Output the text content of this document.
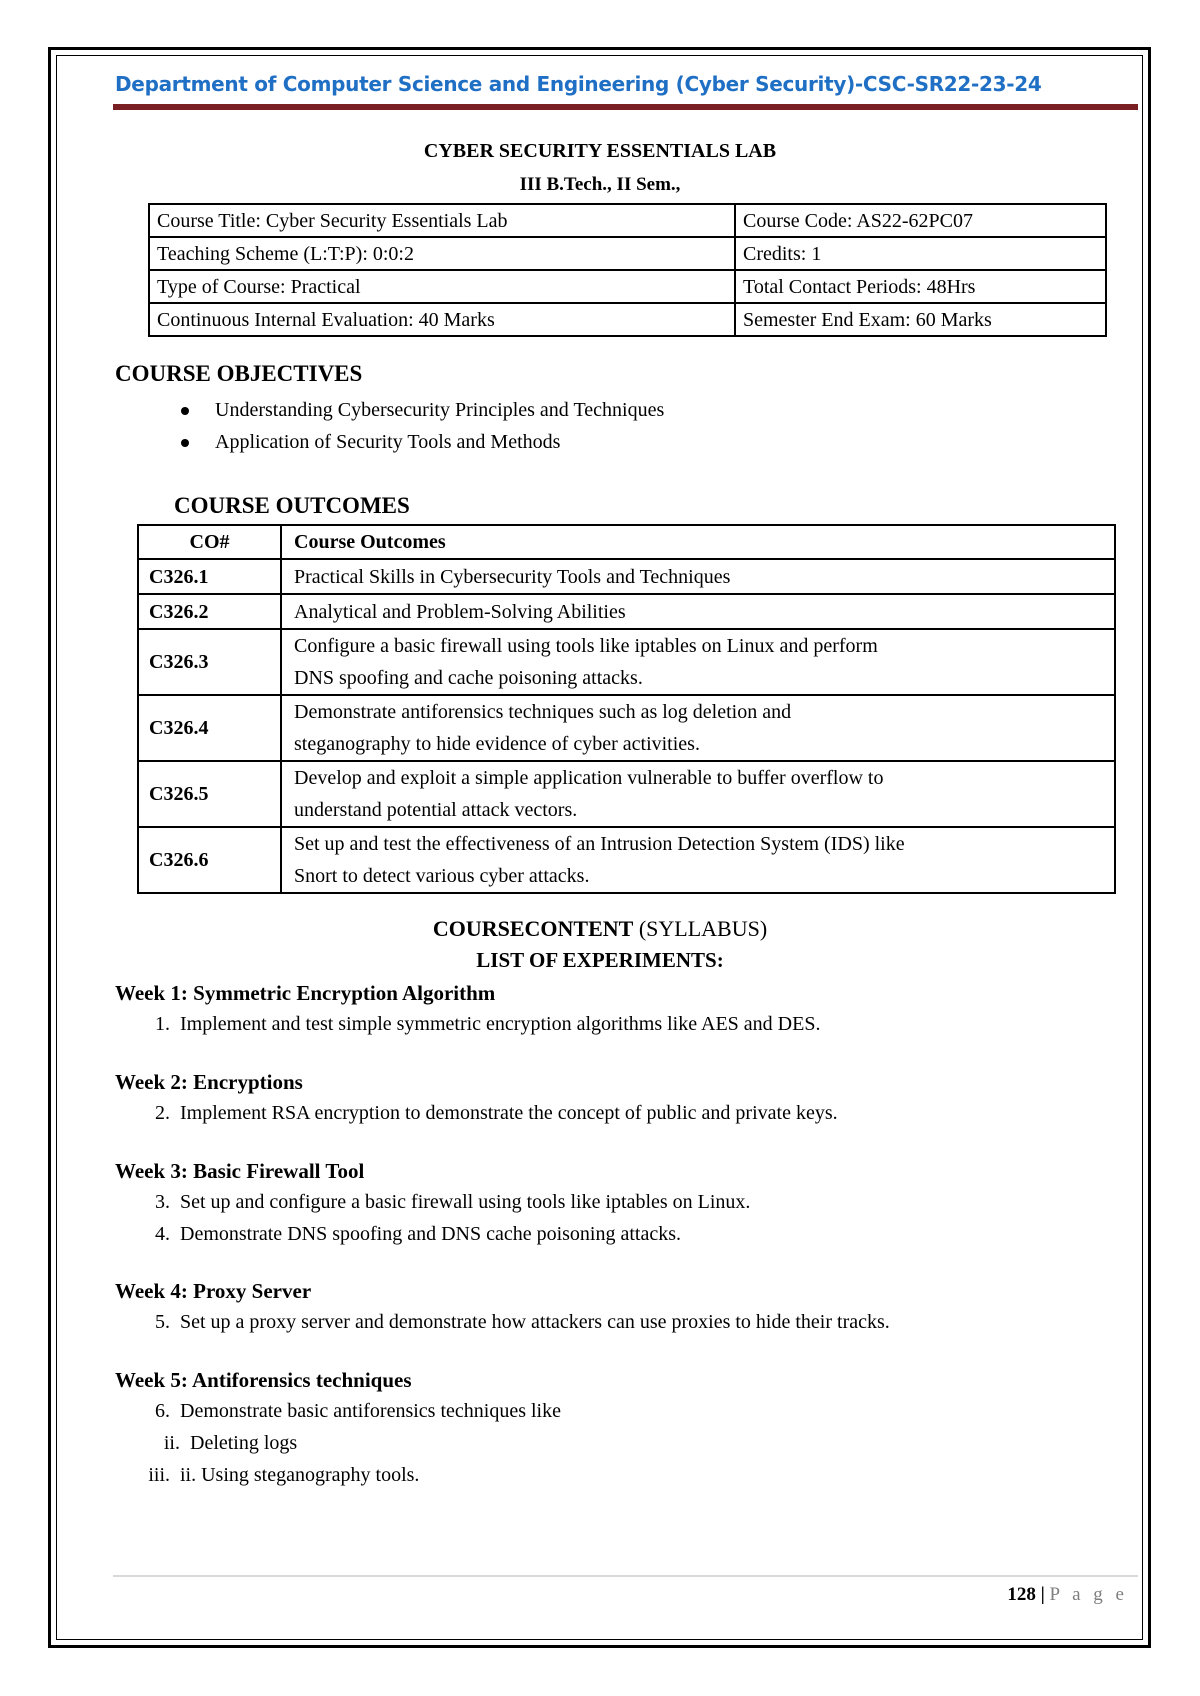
Department of Computer Science and Engineering (Cyber Security)-CSC-SR22-23-24
CYBER SECURITY ESSENTIALS LAB
III B.Tech., II Sem.,
Course Title: Cyber Security Essentials Lab	Course Code: AS22-62PC07
Teaching Scheme (L:T:P): 0:0:2	Credits: 1
Type of Course: Practical	Total Contact Periods: 48Hrs
Continuous Internal Evaluation: 40 Marks	Semester End Exam: 60 Marks
COURSE OBJECTIVES
Understanding Cybersecurity Principles and Techniques
Application of Security Tools and Methods
COURSE OUTCOMES
CO#	Course Outcomes
C326.1	Practical Skills in Cybersecurity Tools and Techniques
C326.2	Analytical and Problem-Solving Abilities
C326.3	Configure a basic firewall using tools like iptables on Linux and perform
DNS spoofing and cache poisoning attacks.
C326.4	Demonstrate antiforensics techniques such as log deletion and
steganography to hide evidence of cyber activities.
C326.5	Develop and exploit a simple application vulnerable to buffer overflow to
understand potential attack vectors.
C326.6	Set up and test the effectiveness of an Intrusion Detection System (IDS) like
Snort to detect various cyber attacks.
COURSECONTENT (SYLLABUS)
LIST OF EXPERIMENTS:
Week 1: Symmetric Encryption Algorithm
1. Implement and test simple symmetric encryption algorithms like AES and DES.
Week 2: Encryptions
2. Implement RSA encryption to demonstrate the concept of public and private keys.
Week 3: Basic Firewall Tool
3. Set up and configure a basic firewall using tools like iptables on Linux.
4. Demonstrate DNS spoofing and DNS cache poisoning attacks.
Week 4: Proxy Server
5. Set up a proxy server and demonstrate how attackers can use proxies to hide their tracks.
Week 5: Antiforensics techniques
6. Demonstrate basic antiforensics techniques like
ii. Deleting logs
iii. ii. Using steganography tools.
128 | P a g e
